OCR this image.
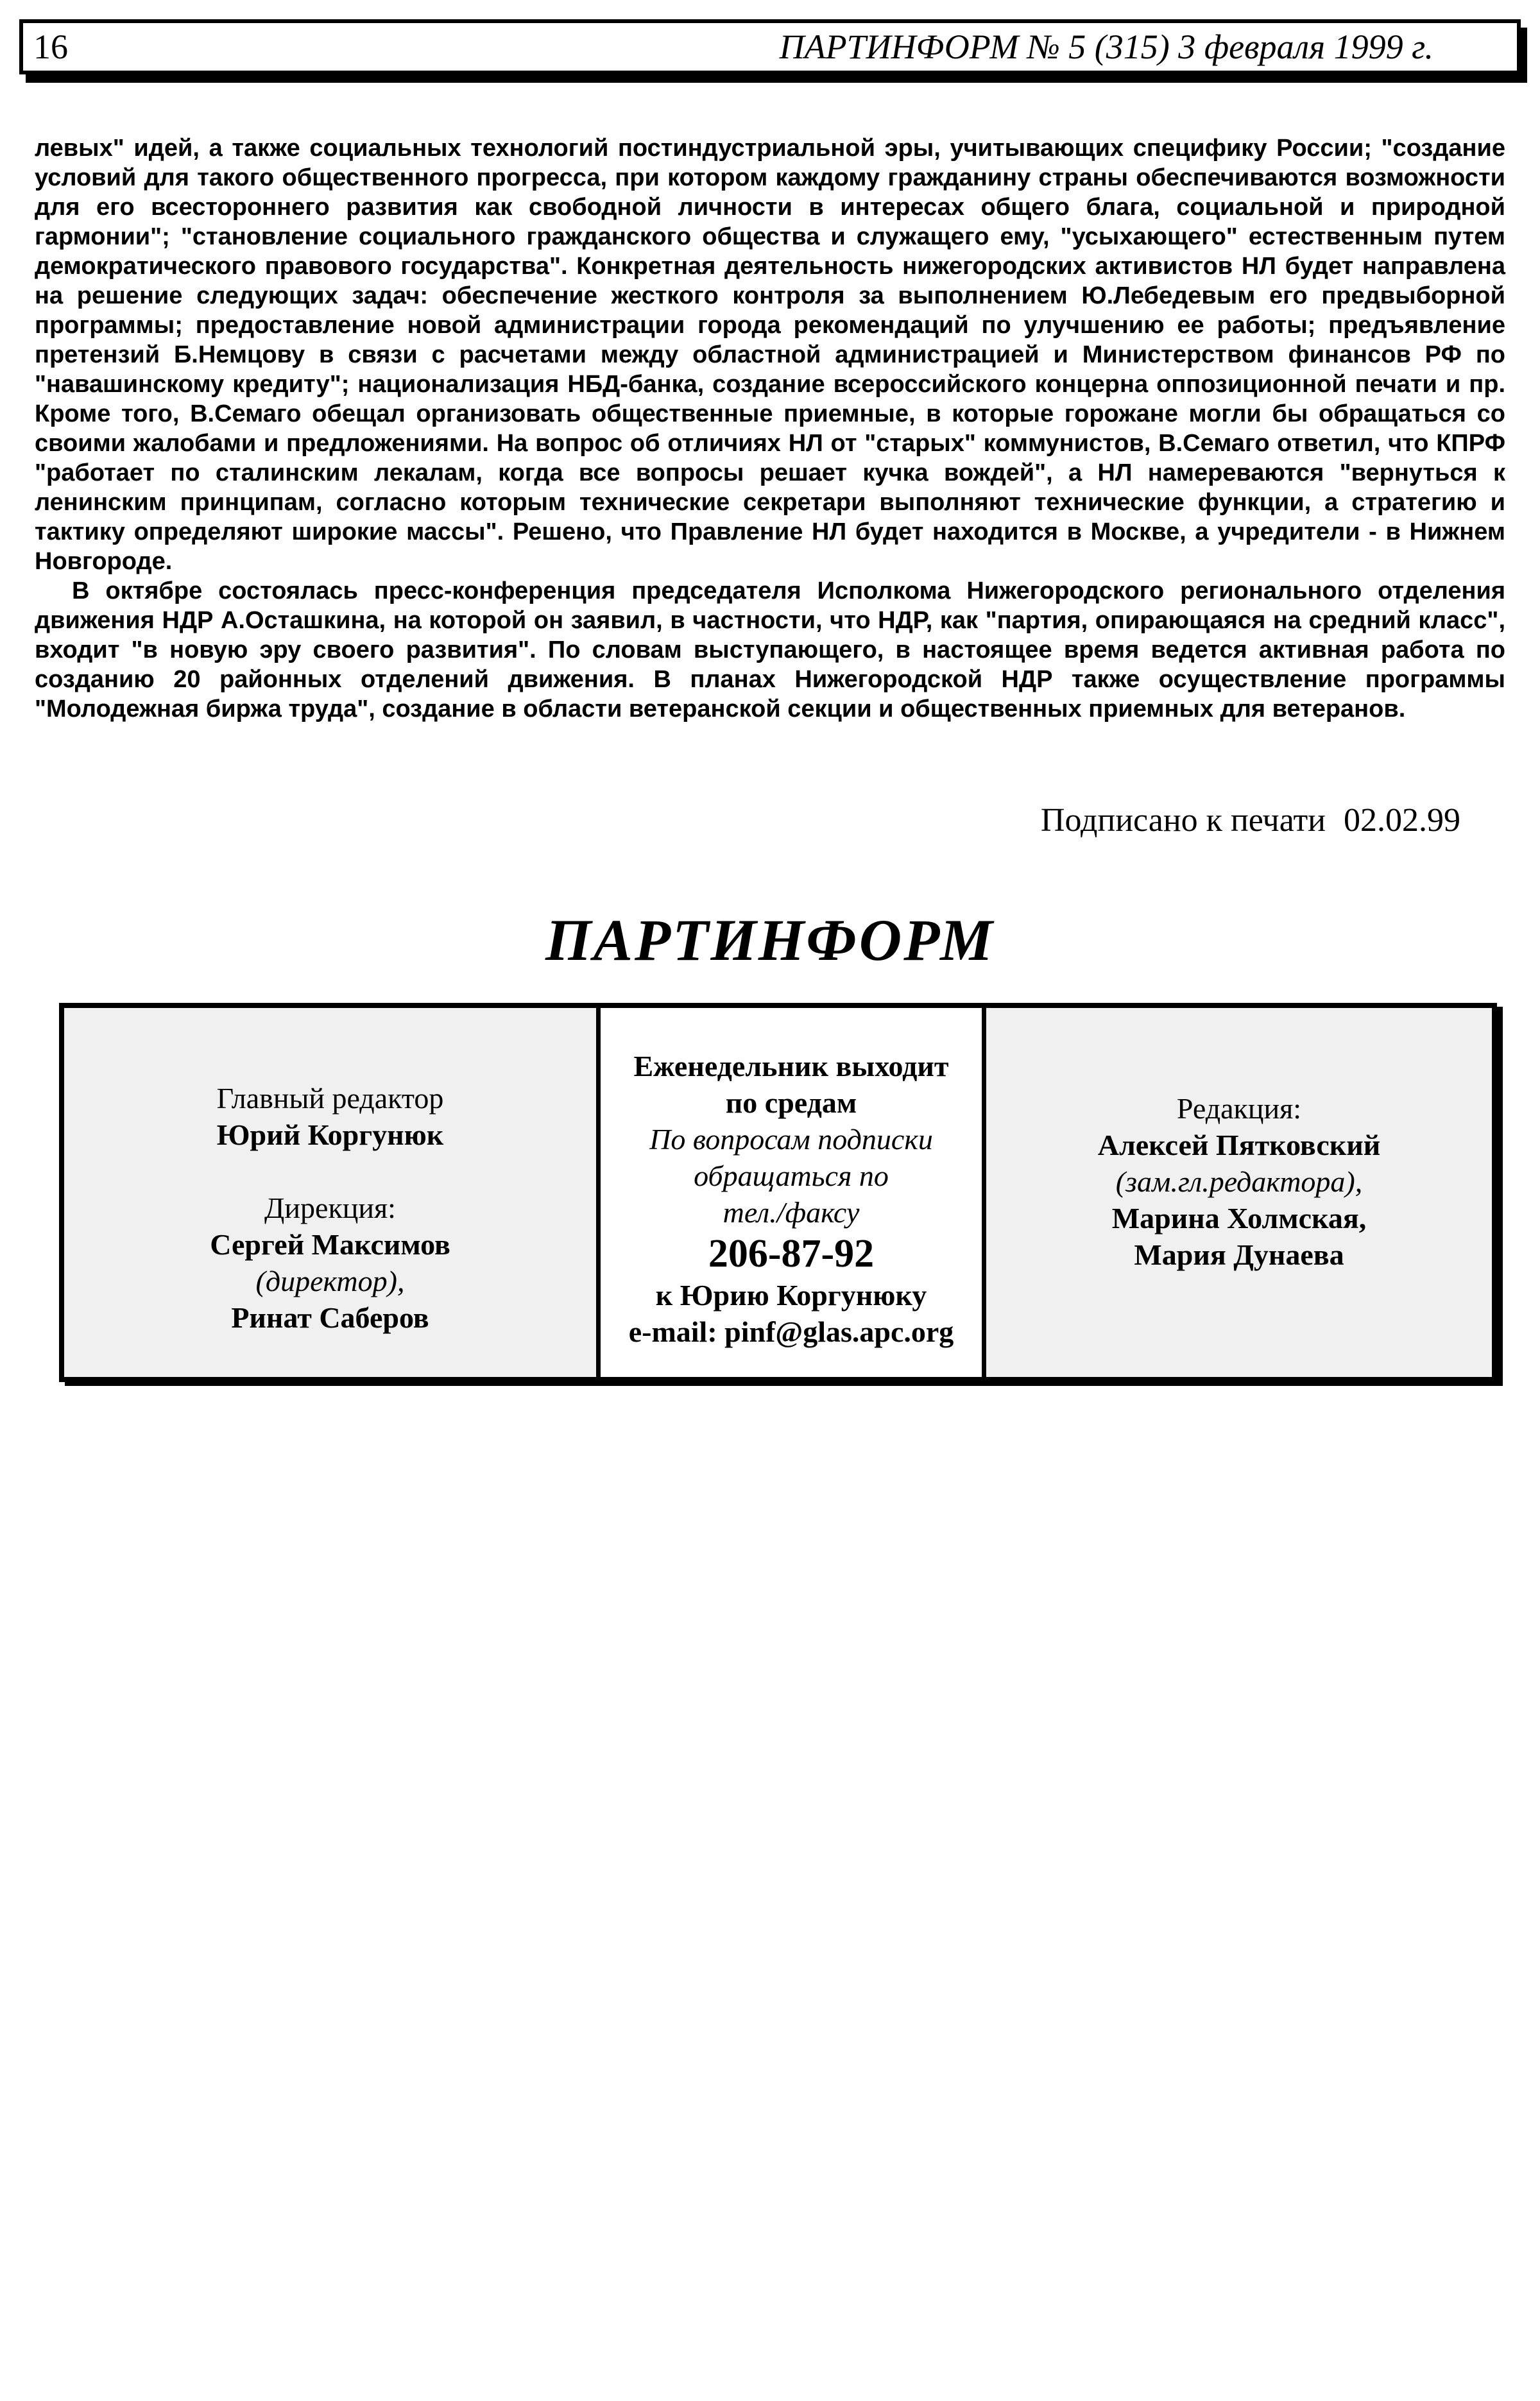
16	ПАРТИНФОРМ № 5 (315) 3 февраля 1999 г.

левых" идей, а также социальных технологий постиндустриальной эры, учитывающих специфику России; "создание условий для такого общественного прогресса, при котором каждому гражданину страны обеспечиваются возможности для его всестороннего развития как свободной личности в интересах общего блага, социальной и природной гармонии"; "становление социального гражданского общества и служащего ему, "усыхающего" естественным путем демократического правового государства". Конкретная деятельность нижегородских активистов НЛ будет направлена на решение следующих задач: обеспечение жесткого контроля за выполнением Ю.Лебедевым его предвыборной программы; предоставление новой администрации города рекомендаций по улучшению ее работы; предъявление претензий Б.Немцову в связи с расчетами между областной администрацией и Министерством финансов РФ по "навашинскому кредиту"; национализация НБД-банка, создание всероссийского концерна оппозиционной печати и пр. Кроме того, В.Семаго обещал организовать общественные приемные, в которые горожане могли бы обращаться со своими жалобами и предложениями. На вопрос об отличиях НЛ от "старых" коммунистов, В.Семаго ответил, что КПРФ "работает по сталинским лекалам, когда все вопросы решает кучка вождей", а НЛ намереваются "вернуться к ленинским принципам, согласно которым технические секретари выполняют технические функции, а стратегию и тактику определяют широкие массы". Решено, что Правление НЛ будет находится в Москве, а учредители - в Нижнем Новгороде.

В октябре состоялась пресс-конференция председателя Исполкома Нижегородского регионального отделения движения НДР А.Осташкина, на которой он заявил, в частности, что НДР, как "партия, опирающаяся на средний класс", входит "в новую эру своего развития". По словам выступающего, в настоящее время ведется активная работа по созданию 20 районных отделений движения. В планах Нижегородской НДР также осуществление программы "Молодежная биржа труда", создание в области ветеранской секции и общественных приемных для ветеранов.

Подписано к печати 02.02.99
ПАРТИНФОРМ
Главный редактор
Юрий Коргунюк
Дирекция:
Сергей Максимов
(директор),
Ринат Саберов
Еженедельник выходит
по средам
По вопросам подписки
обращаться по
тел./факсу
206-87-92
к Юрию Коргунюку
e-mail: pinf@glas.apc.org
Редакция:
Алексей Пятковский
(зам.гл.редактора),
Марина Холмская,
Мария Дунаева
